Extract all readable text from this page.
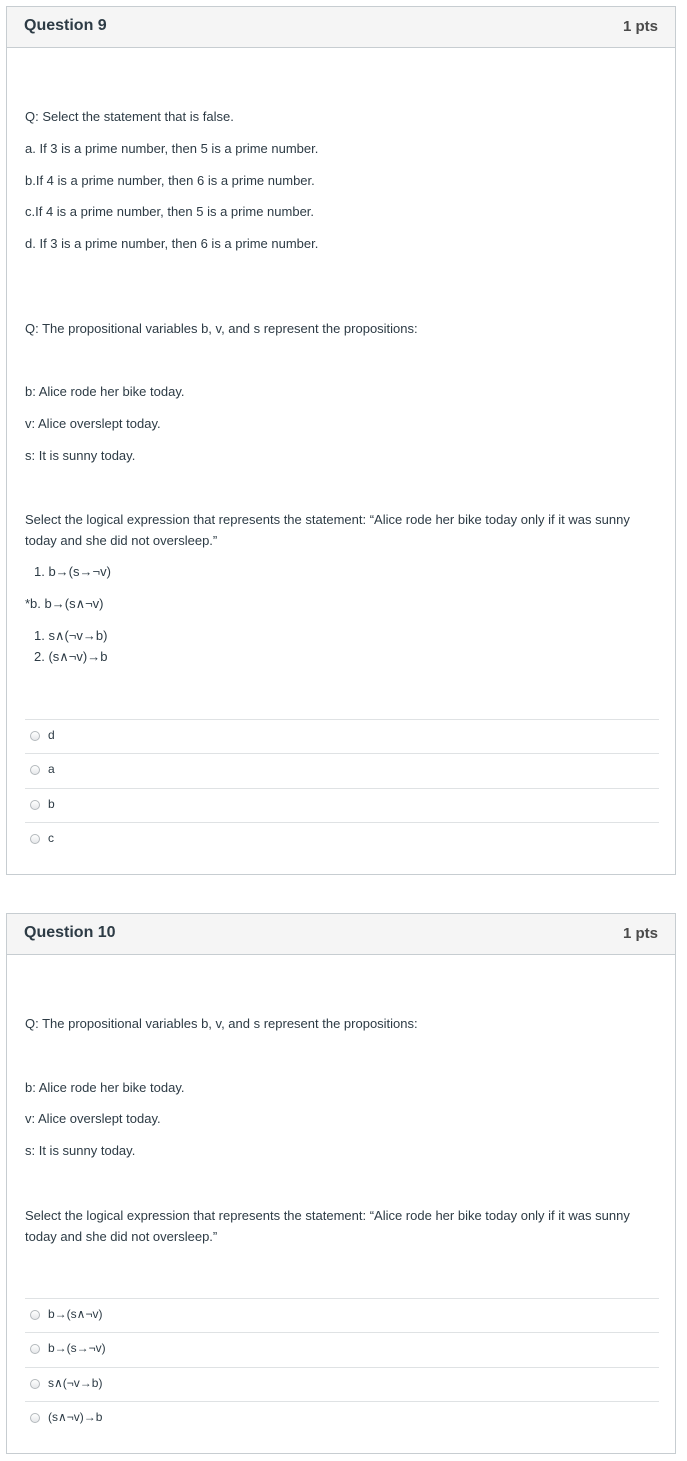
Question 9	1 pts
Q: Select the statement that is false.
a. If 3 is a prime number, then 5 is a prime number.
b.If 4 is a prime number, then 6 is a prime number.
c.If 4 is a prime number, then 5 is a prime number.
d. If 3 is a prime number, then 6 is a prime number.
Q: The propositional variables b, v, and s represent the propositions:
b: Alice rode her bike today.
v: Alice overslept today.
s: It is sunny today.
Select the logical expression that represents the statement: “Alice rode her bike today only if it was sunny today and she did not oversleep.”
1. b→(s→¬v)
*b. b→(s∧¬v)
1. s∧(¬v→b)
2. (s∧¬v)→b
d
a
b
c
Question 10	1 pts
Q: The propositional variables b, v, and s represent the propositions:
b: Alice rode her bike today.
v: Alice overslept today.
s: It is sunny today.
Select the logical expression that represents the statement: “Alice rode her bike today only if it was sunny today and she did not oversleep.”
b→(s∧¬v)
b→(s→¬v)
s∧(¬v→b)
(s∧¬v)→b
